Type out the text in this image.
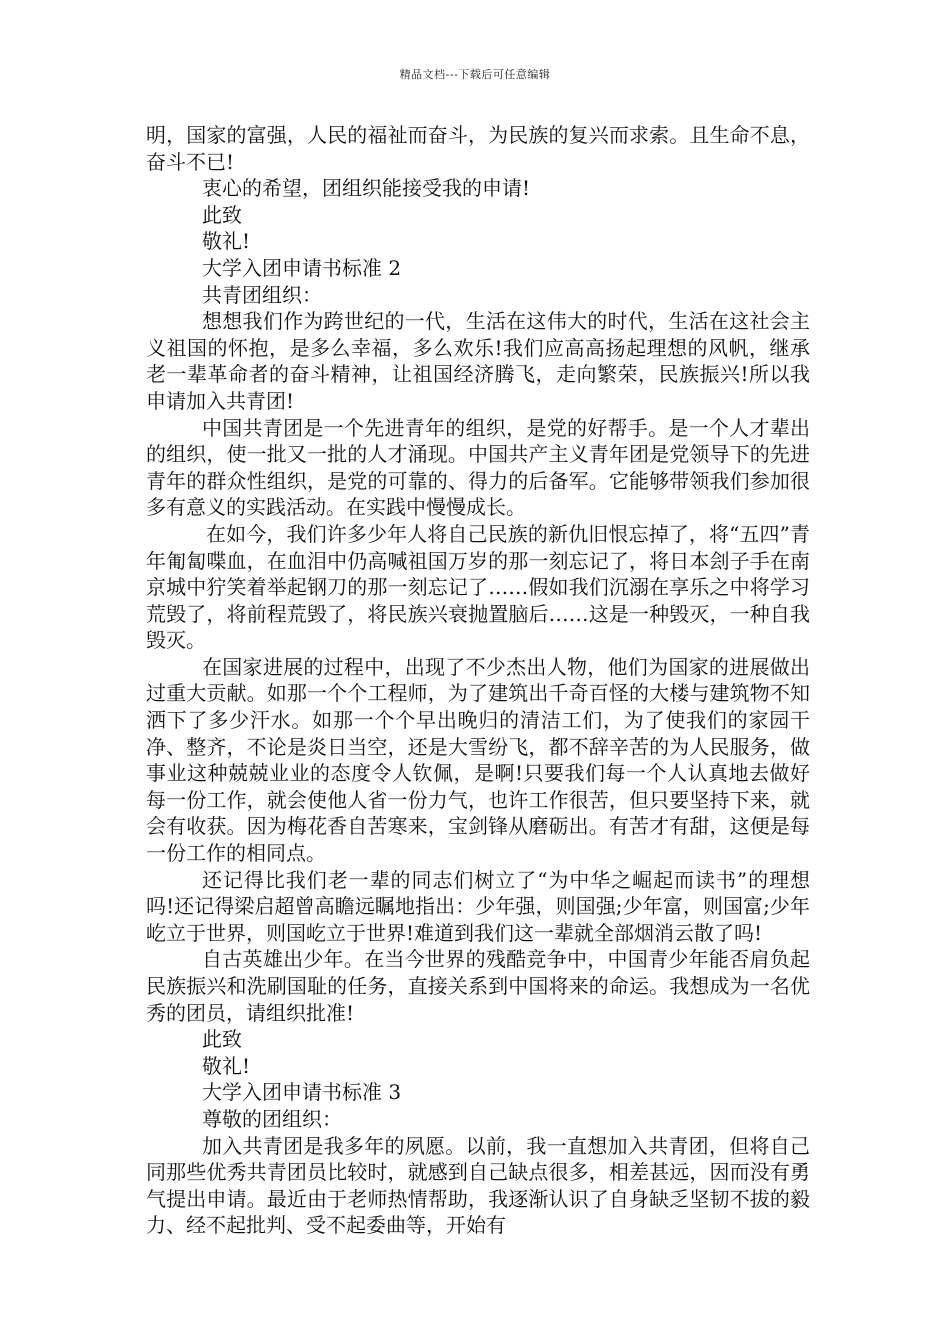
精品文档---下载后可任意编辑

明，国家的富强，人民的福祉而奋斗，为民族的复兴而求索。且生命不息，奋斗不已!

衷心的希望，团组织能接受我的申请!

此致

敬礼!

大学入团申请书标准 2

共青团组织：

想想我们作为跨世纪的一代，生活在这伟大的时代，生活在这社会主义祖国的怀抱，是多么幸福，多么欢乐!我们应高高扬起理想的风帆，继承老一辈革命者的奋斗精神，让祖国经济腾飞，走向繁荣，民族振兴!所以我申请加入共青团!

中国共青团是一个先进青年的组织，是党的好帮手。是一个人才辈出的组织，使一批又一批的人才涌现。中国共产主义青年团是党领导下的先进青年的群众性组织，是党的可靠的、得力的后备军。它能够带领我们参加很多有意义的实践活动。在实践中慢慢成长。

在如今，我们许多少年人将自己民族的新仇旧恨忘掉了，将“五四”青年匍匐喋血，在血泪中仍高喊祖国万岁的那一刻忘记了，将日本刽子手在南京城中狞笑着举起钢刀的那一刻忘记了……假如我们沉溺在享乐之中将学习荒毁了，将前程荒毁了，将民族兴衰抛置脑后……这是一种毁灭，一种自我毁灭。

在国家进展的过程中，出现了不少杰出人物，他们为国家的进展做出过重大贡献。如那一个个工程师，为了建筑出千奇百怪的大楼与建筑物不知洒下了多少汗水。如那一个个早出晚归的清洁工们，为了使我们的家园干净、整齐，不论是炎日当空，还是大雪纷飞，都不辞辛苦的为人民服务，做事业这种兢兢业业的态度令人钦佩，是啊!只要我们每一个人认真地去做好每一份工作，就会使他人省一份力气，也许工作很苦，但只要坚持下来，就会有收获。因为梅花香自苦寒来，宝剑锋从磨砺出。有苦才有甜，这便是每一份工作的相同点。

还记得比我们老一辈的同志们树立了“为中华之崛起而读书”的理想吗!还记得梁启超曾高瞻远瞩地指出：少年强，则国强;少年富，则国富;少年屹立于世界，则国屹立于世界!难道到我们这一辈就全部烟消云散了吗!

自古英雄出少年。在当今世界的残酷竞争中，中国青少年能否肩负起民族振兴和洗刷国耻的任务，直接关系到中国将来的命运。我想成为一名优秀的团员，请组织批准!

此致

敬礼!

大学入团申请书标准 3

尊敬的团组织：

加入共青团是我多年的夙愿。以前，我一直想加入共青团，但将自己同那些优秀共青团员比较时，就感到自己缺点很多，相差甚远，因而没有勇气提出申请。最近由于老师热情帮助，我逐渐认识了自身缺乏坚韧不拔的毅力、经不起批判、受不起委曲等，开始有
